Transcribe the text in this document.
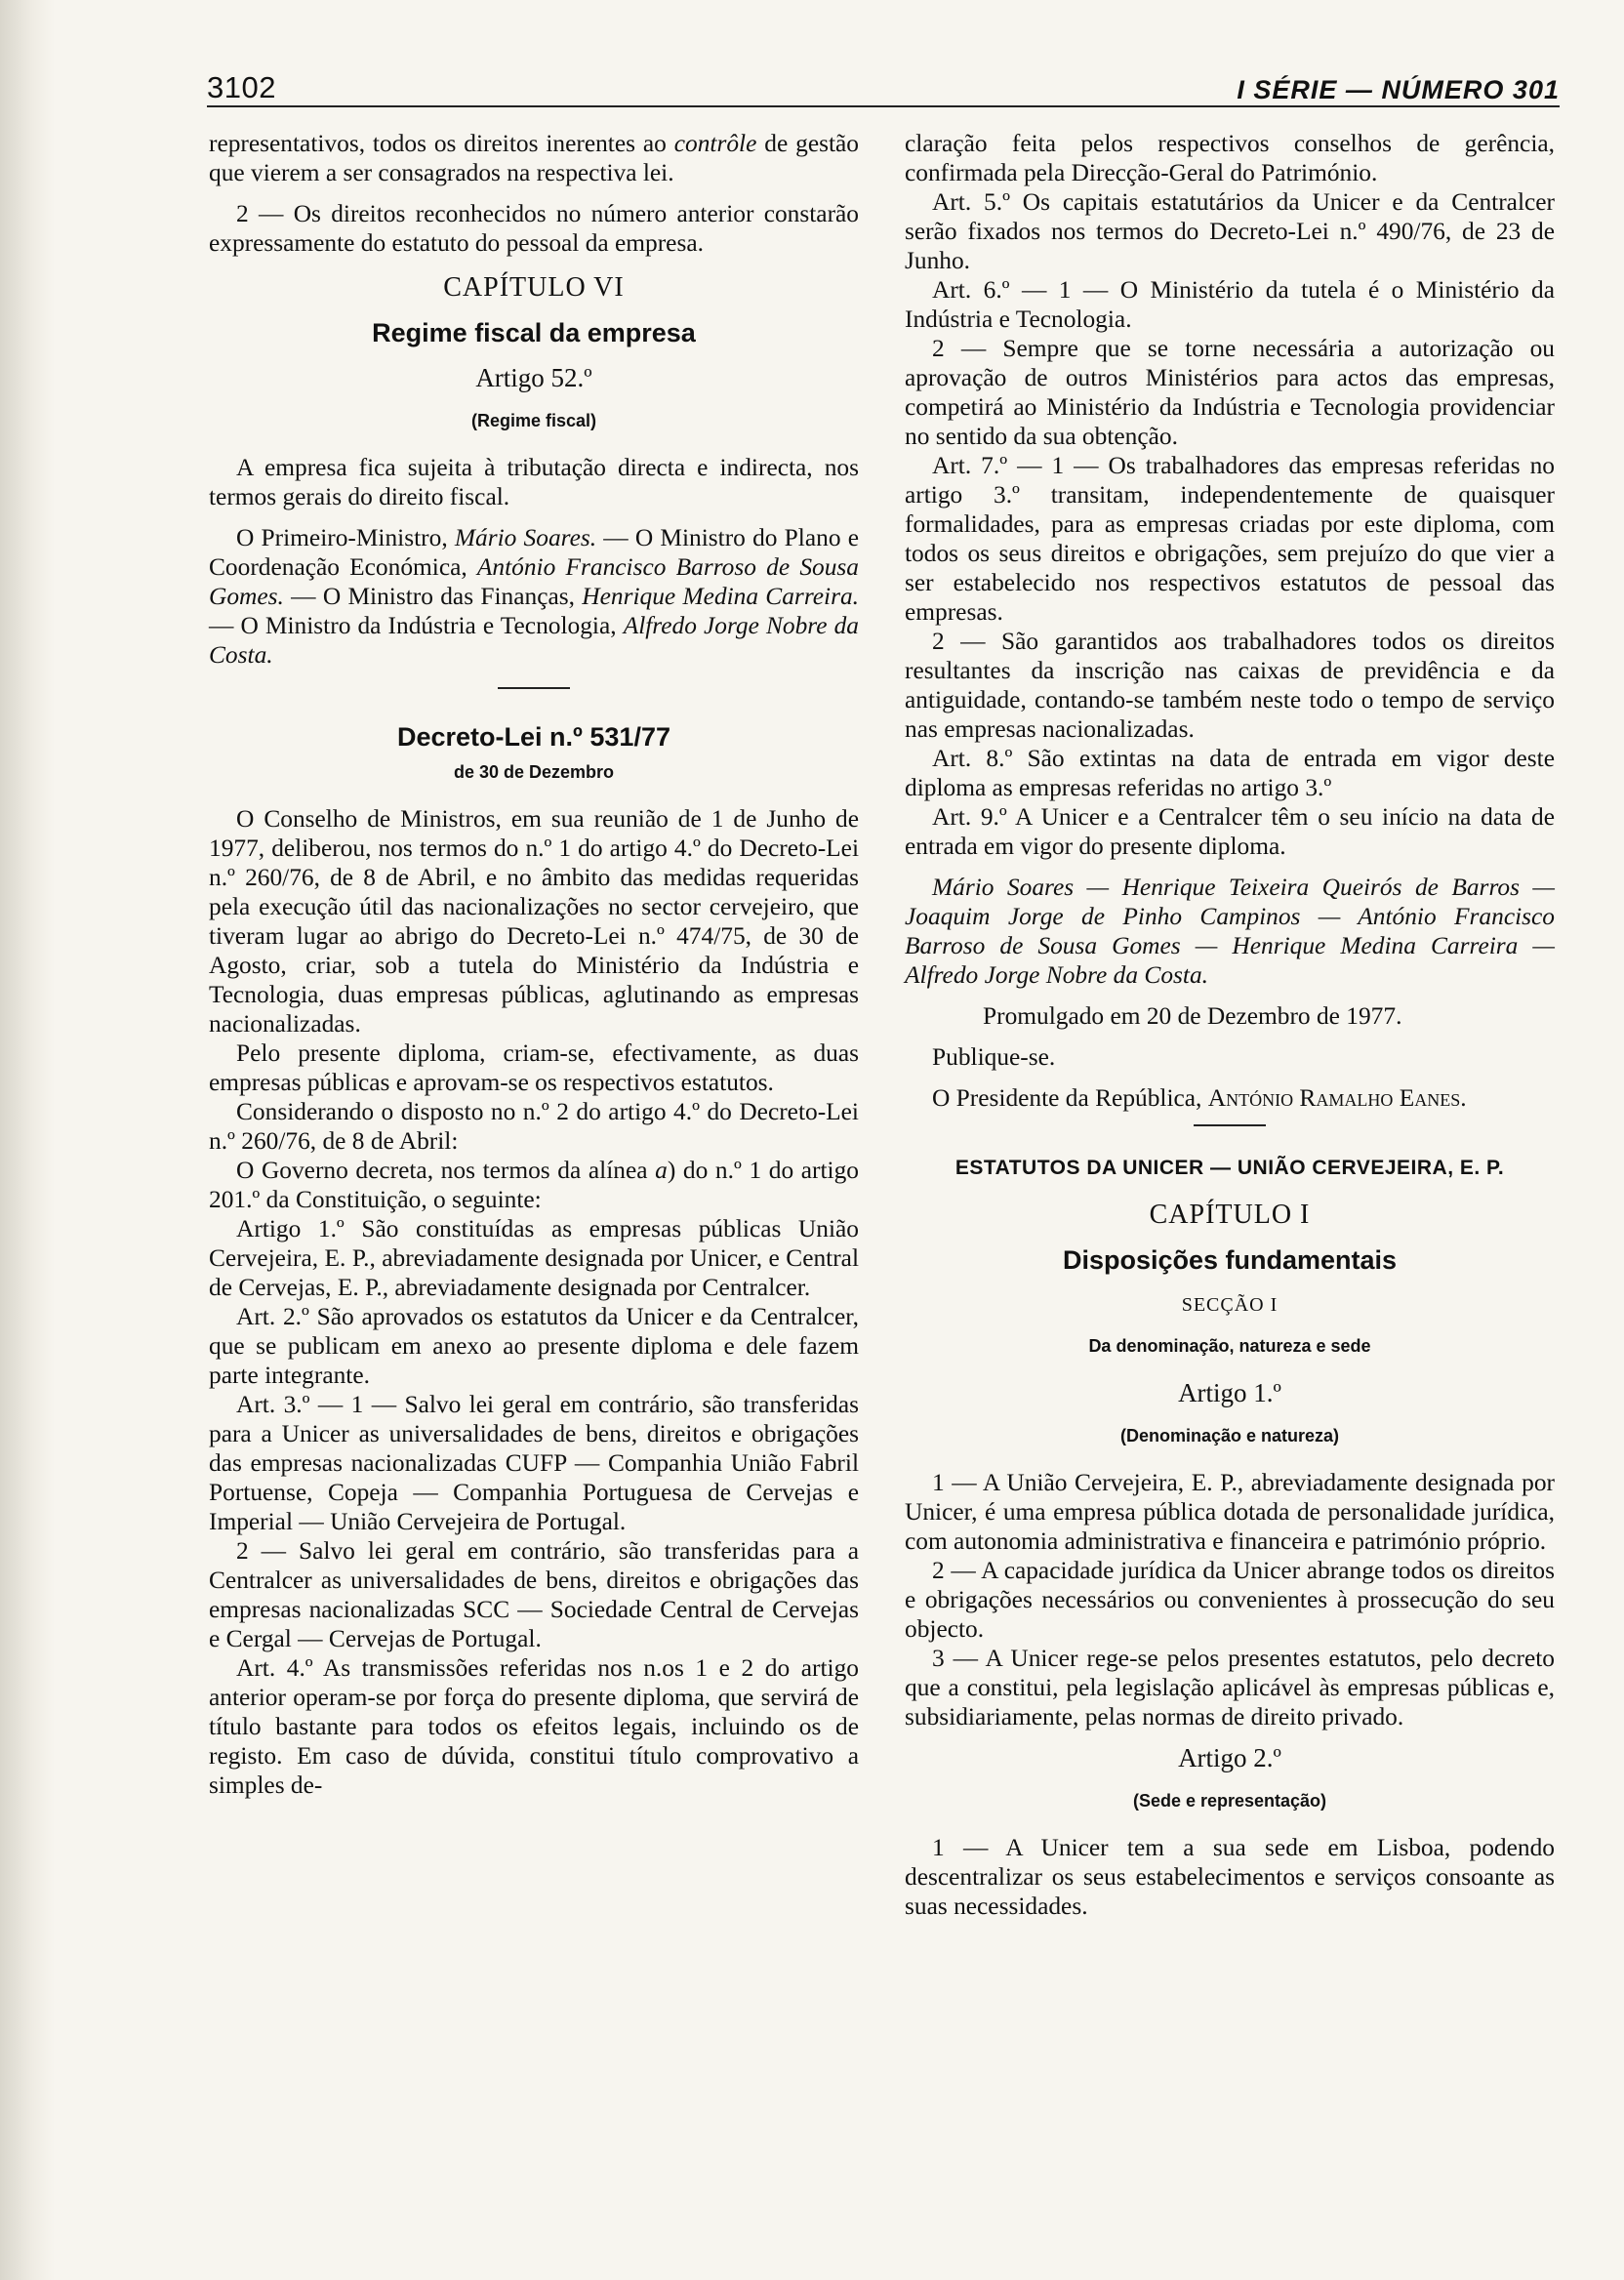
3102	I SÉRIE — NÚMERO 301

representativos, todos os direitos inerentes ao contrôle de gestão que vierem a ser consagrados na respectiva lei.

2 — Os direitos reconhecidos no número anterior constarão expressamente do estatuto do pessoal da empresa.

CAPÍTULO VI
Regime fiscal da empresa
Artigo 52.º
(Regime fiscal)

A empresa fica sujeita à tributação directa e indirecta, nos termos gerais do direito fiscal.

O Primeiro-Ministro, Mário Soares. — O Ministro do Plano e Coordenação Económica, António Francisco Barroso de Sousa Gomes. — O Ministro das Finanças, Henrique Medina Carreira. — O Ministro da Indústria e Tecnologia, Alfredo Jorge Nobre da Costa.

Decreto-Lei n.º 531/77
de 30 de Dezembro

O Conselho de Ministros, em sua reunião de 1 de Junho de 1977, deliberou, nos termos do n.º 1 do artigo 4.º do Decreto-Lei n.º 260/76, de 8 de Abril, e no âmbito das medidas requeridas pela execução útil das nacionalizações no sector cervejeiro, que tiveram lugar ao abrigo do Decreto-Lei n.º 474/75, de 30 de Agosto, criar, sob a tutela do Ministério da Indústria e Tecnologia, duas empresas públicas, aglutinando as empresas nacionalizadas.

Pelo presente diploma, criam-se, efectivamente, as duas empresas públicas e aprovam-se os respectivos estatutos.

Considerando o disposto no n.º 2 do artigo 4.º do Decreto-Lei n.º 260/76, de 8 de Abril:

O Governo decreta, nos termos da alínea a) do n.º 1 do artigo 201.º da Constituição, o seguinte:

Artigo 1.º São constituídas as empresas públicas União Cervejeira, E. P., abreviadamente designada por Unicer, e Central de Cervejas, E. P., abreviadamente designada por Centralcer.

Art. 2.º São aprovados os estatutos da Unicer e da Centralcer, que se publicam em anexo ao presente diploma e dele fazem parte integrante.

Art. 3.º — 1 — Salvo lei geral em contrário, são transferidas para a Unicer as universalidades de bens, direitos e obrigações das empresas nacionalizadas CUFP — Companhia União Fabril Portuense, Copeja — Companhia Portuguesa de Cervejas e Imperial — União Cervejeira de Portugal.

2 — Salvo lei geral em contrário, são transferidas para a Centralcer as universalidades de bens, direitos e obrigações das empresas nacionalizadas SCC — Sociedade Central de Cervejas e Cergal — Cervejas de Portugal.

Art. 4.º As transmissões referidas nos n.os 1 e 2 do artigo anterior operam-se por força do presente diploma, que servirá de título bastante para todos os efeitos legais, incluindo os de registo. Em caso de dúvida, constitui título comprovativo a simples de-

claração feita pelos respectivos conselhos de gerência, confirmada pela Direcção-Geral do Património.

Art. 5.º Os capitais estatutários da Unicer e da Centralcer serão fixados nos termos do Decreto-Lei n.º 490/76, de 23 de Junho.

Art. 6.º — 1 — O Ministério da tutela é o Ministério da Indústria e Tecnologia.

2 — Sempre que se torne necessária a autorização ou aprovação de outros Ministérios para actos das empresas, competirá ao Ministério da Indústria e Tecnologia providenciar no sentido da sua obtenção.

Art. 7.º — 1 — Os trabalhadores das empresas referidas no artigo 3.º transitam, independentemente de quaisquer formalidades, para as empresas criadas por este diploma, com todos os seus direitos e obrigações, sem prejuízo do que vier a ser estabelecido nos respectivos estatutos de pessoal das empresas.

2 — São garantidos aos trabalhadores todos os direitos resultantes da inscrição nas caixas de previdência e da antiguidade, contando-se também neste todo o tempo de serviço nas empresas nacionalizadas.

Art. 8.º São extintas na data de entrada em vigor deste diploma as empresas referidas no artigo 3.º

Art. 9.º A Unicer e a Centralcer têm o seu início na data de entrada em vigor do presente diploma.

Mário Soares — Henrique Teixeira Queirós de Barros — Joaquim Jorge de Pinho Campinos — António Francisco Barroso de Sousa Gomes — Henrique Medina Carreira — Alfredo Jorge Nobre da Costa.

Promulgado em 20 de Dezembro de 1977.

Publique-se.

O Presidente da República, António Ramalho Eanes.

ESTATUTOS DA UNICER — UNIÃO CERVEJEIRA, E. P.
CAPÍTULO I
Disposições fundamentais
SECÇÃO I
Da denominação, natureza e sede
Artigo 1.º
(Denominação e natureza)

1 — A União Cervejeira, E. P., abreviadamente designada por Unicer, é uma empresa pública dotada de personalidade jurídica, com autonomia administrativa e financeira e património próprio.

2 — A capacidade jurídica da Unicer abrange todos os direitos e obrigações necessários ou convenientes à prossecução do seu objecto.

3 — A Unicer rege-se pelos presentes estatutos, pelo decreto que a constitui, pela legislação aplicável às empresas públicas e, subsidiariamente, pelas normas de direito privado.

Artigo 2.º
(Sede e representação)

1 — A Unicer tem a sua sede em Lisboa, podendo descentralizar os seus estabelecimentos e serviços consoante as suas necessidades.
